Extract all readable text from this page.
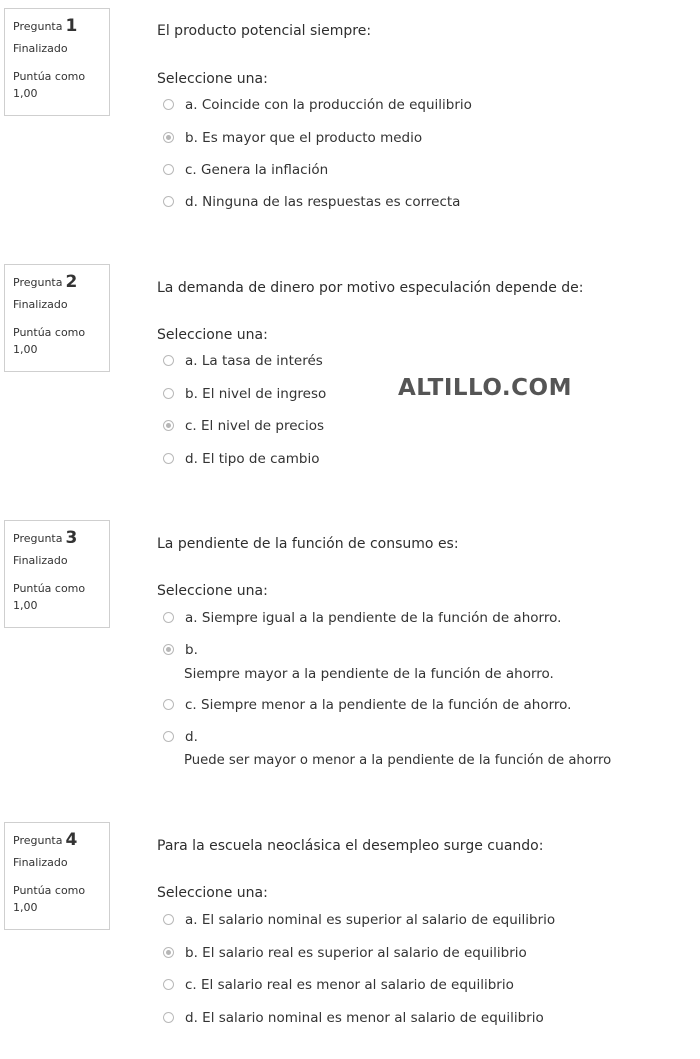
Pregunta 1
Finalizado
Puntúa como 1,00
El producto potencial siempre:
Seleccione una:
a. Coincide con la producción de equilibrio
b. Es mayor que el producto medio
c. Genera la inflación
d. Ninguna de las respuestas es correcta
Pregunta 2
Finalizado
Puntúa como 1,00
La demanda de dinero por motivo especulación depende de:
Seleccione una:
a. La tasa de interés
b. El nivel de ingreso
c. El nivel de precios
d. El tipo de cambio
ALTILLO.COM
Pregunta 3
Finalizado
Puntúa como 1,00
La pendiente de la función de consumo es:
Seleccione una:
a. Siempre igual a la pendiente de la función de ahorro.
b.
Siempre mayor a la pendiente de la función de ahorro.
c. Siempre menor a la pendiente de la función de ahorro.
d.
Puede ser mayor o menor a la pendiente de la función de ahorro
Pregunta 4
Finalizado
Puntúa como 1,00
Para la escuela neoclásica el desempleo surge cuando:
Seleccione una:
a. El salario nominal es superior al salario de equilibrio
b. El salario real es superior al salario de equilibrio
c. El salario real es menor al salario de equilibrio
d. El salario nominal es menor al salario de equilibrio
